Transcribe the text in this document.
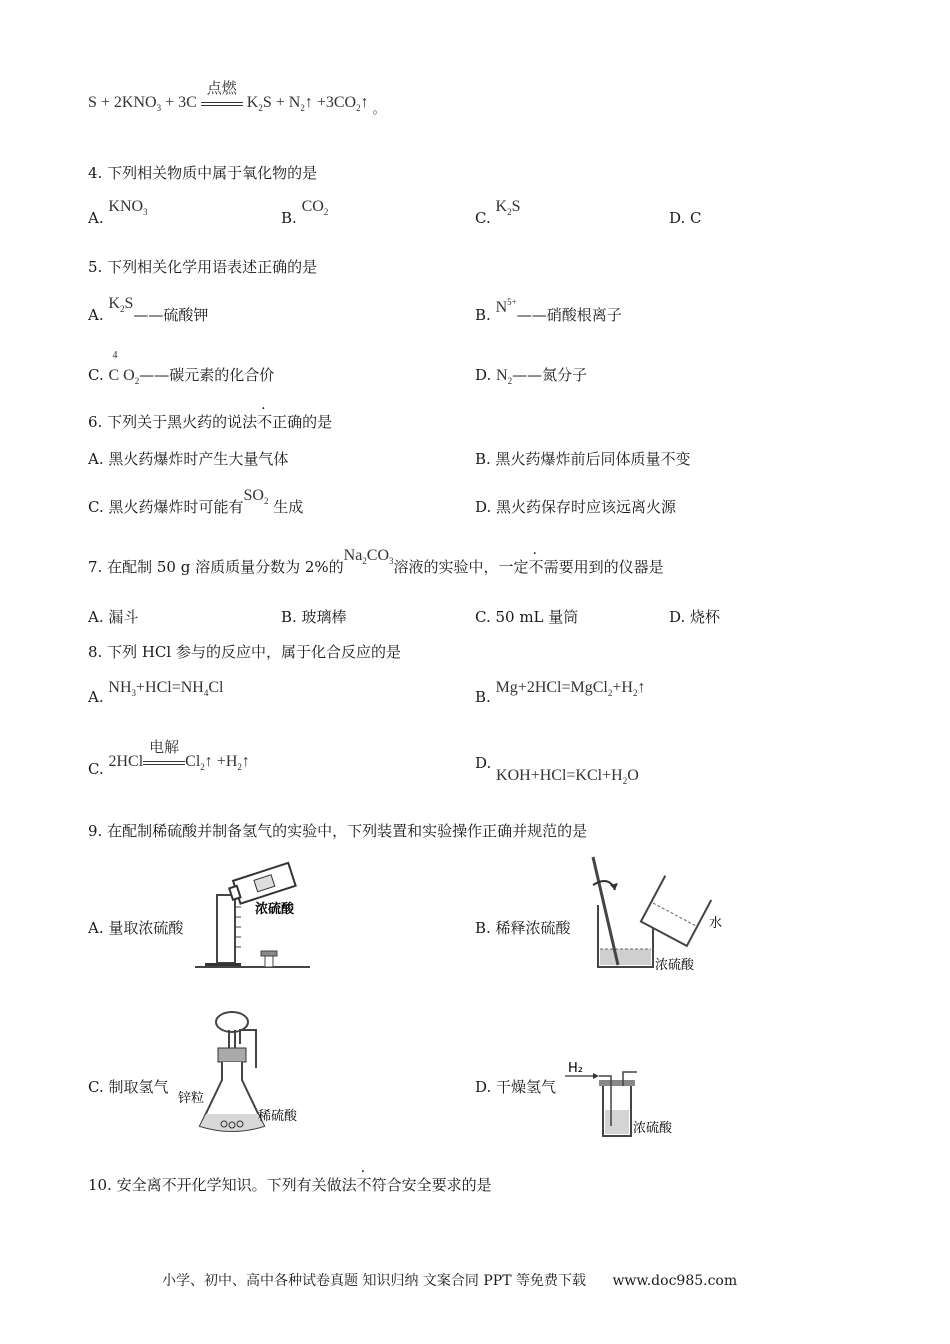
$S + 2KNO_3 + 3C$
点燃
$K_2S$ + $N_2↑$ $+3CO_2↑$ $_。$
4. 下列相关物质中属于氧化物的是
A. $KNO_3$	B. $CO_2$	C. $K_2S$
D. C
5. 下列相关化学用语表述正确的是
A. $K_2S——$硫酸钾	B. $N^{5+}——$硝酸根离子
C.
4
C $O_2——$碳元素的化合价	D. $N_2——$氮分子
6. 下列关于黑火药的说法不正确的是
A. 黑火药爆炸时产生大量气体	B. 黑火药爆炸前后同体质量不变
C. 黑火药爆炸时可能有$SO_2$ 生成	D. 黑火药保存时应该远离火源
7. 在配制 50 g 溶质质量分数为 2%的$Na_2CO_3$溶液的实验中，一定不需要用到的仪器是
A. 漏斗	B. 玻璃棒	C. 50 mL 量筒	D. 烧杯
8. 下列 HCl 参与的反应中，属于化合反应的是
A. $NH_3+HCl=NH_4Cl$
B. $Mg+2HCl=MgCl_2+H_2↑$
C. 2HCl
电解
$Cl_2↑$ $+H_2↑$	D. $KOH+HCl=KCl+H_2O$
9. 在配制稀硫酸并制备氢气的实验中，下列装置和实验操作正确并规范的是
A. 量取浓硫酸
浓硫酸
B. 稀释浓硫酸	水
浓硫酸
C. 制取氢气
锌粒
稀硫酸
D. 干燥氢气
H₂
浓硫酸
10. 安全离不开化学知识。下列有关做法不符合安全要求的是
小学、初中、高中各种试卷真题 知识归纳 文案合同 PPT 等免费下载 www.doc985.com
